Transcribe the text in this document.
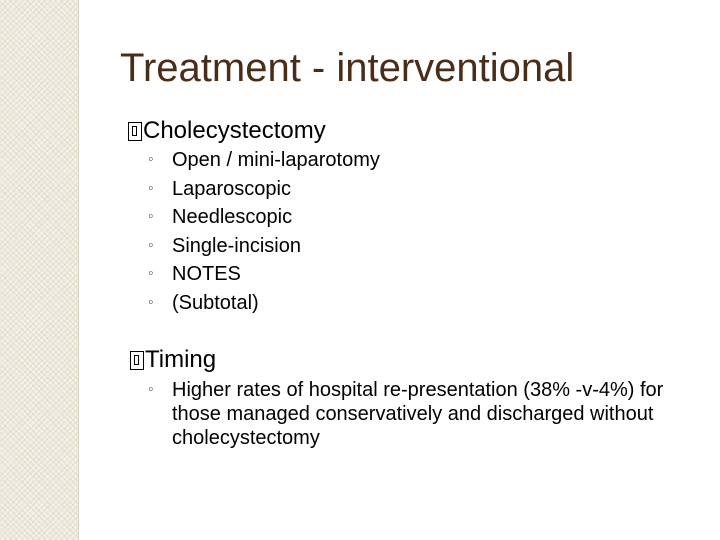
Treatment - interventional
Cholecystectomy
◦ Open / mini-laparotomy
◦ Laparoscopic
◦ Needlescopic
◦ Single-incision
◦ NOTES
◦ (Subtotal)
Timing
◦ Higher rates of hospital re-presentation (38% -v-4%) for those managed conservatively and discharged without cholecystectomy
